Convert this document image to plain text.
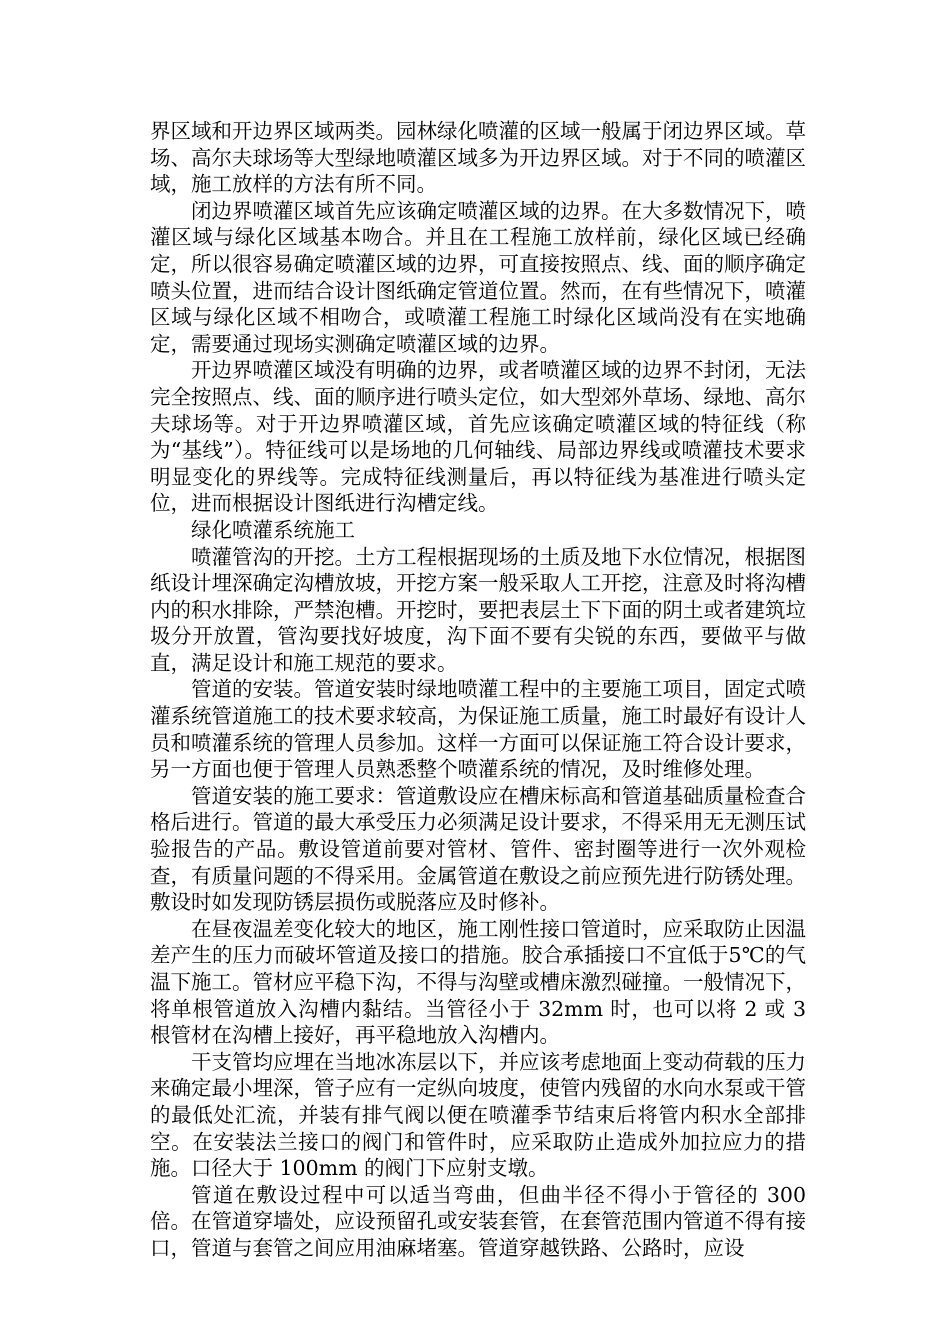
界区域和开边界区域两类。园林绿化喷灌的区域一般属于闭边界区域。草场、高尔夫球场等大型绿地喷灌区域多为开边界区域。对于不同的喷灌区域，施工放样的方法有所不同。

闭边界喷灌区域首先应该确定喷灌区域的边界。在大多数情况下，喷灌区域与绿化区域基本吻合。并且在工程施工放样前，绿化区域已经确定，所以很容易确定喷灌区域的边界，可直接按照点、线、面的顺序确定喷头位置，进而结合设计图纸确定管道位置。然而，在有些情况下，喷灌区域与绿化区域不相吻合，或喷灌工程施工时绿化区域尚没有在实地确定，需要通过现场实测确定喷灌区域的边界。

开边界喷灌区域没有明确的边界，或者喷灌区域的边界不封闭，无法完全按照点、线、面的顺序进行喷头定位，如大型郊外草场、绿地、高尔夫球场等。对于开边界喷灌区域，首先应该确定喷灌区域的特征线（称为“基线”）。特征线可以是场地的几何轴线、局部边界线或喷灌技术要求明显变化的界线等。完成特征线测量后，再以特征线为基准进行喷头定位，进而根据设计图纸进行沟槽定线。

绿化喷灌系统施工

喷灌管沟的开挖。土方工程根据现场的土质及地下水位情况，根据图纸设计埋深确定沟槽放坡，开挖方案一般采取人工开挖，注意及时将沟槽内的积水排除，严禁泡槽。开挖时，要把表层土下下面的阴土或者建筑垃圾分开放置，管沟要找好坡度，沟下面不要有尖锐的东西，要做平与做直，满足设计和施工规范的要求。

管道的安装。管道安装时绿地喷灌工程中的主要施工项目，固定式喷灌系统管道施工的技术要求较高，为保证施工质量，施工时最好有设计人员和喷灌系统的管理人员参加。这样一方面可以保证施工符合设计要求，另一方面也便于管理人员熟悉整个喷灌系统的情况，及时维修处理。

管道安装的施工要求：管道敷设应在槽床标高和管道基础质量检查合格后进行。管道的最大承受压力必须满足设计要求，不得采用无无测压试验报告的产品。敷设管道前要对管材、管件、密封圈等进行一次外观检查，有质量问题的不得采用。金属管道在敷设之前应预先进行防锈处理。敷设时如发现防锈层损伤或脱落应及时修补。

在昼夜温差变化较大的地区，施工刚性接口管道时，应采取防止因温差产生的压力而破坏管道及接口的措施。胶合承插接口不宜低于5℃的气温下施工。管材应平稳下沟，不得与沟壁或槽床激烈碰撞。一般情况下，将单根管道放入沟槽内黏结。当管径小于 32mm 时，也可以将 2 或 3 根管材在沟槽上接好，再平稳地放入沟槽内。

干支管均应埋在当地冰冻层以下，并应该考虑地面上变动荷载的压力来确定最小埋深，管子应有一定纵向坡度，使管内残留的水向水泵或干管的最低处汇流，并装有排气阀以便在喷灌季节结束后将管内积水全部排空。在安装法兰接口的阀门和管件时，应采取防止造成外加拉应力的措施。口径大于 100mm 的阀门下应射支墩。

管道在敷设过程中可以适当弯曲，但曲半径不得小于管径的 300 倍。在管道穿墙处，应设预留孔或安装套管，在套管范围内管道不得有接口，管道与套管之间应用油麻堵塞。管道穿越铁路、公路时，应设
